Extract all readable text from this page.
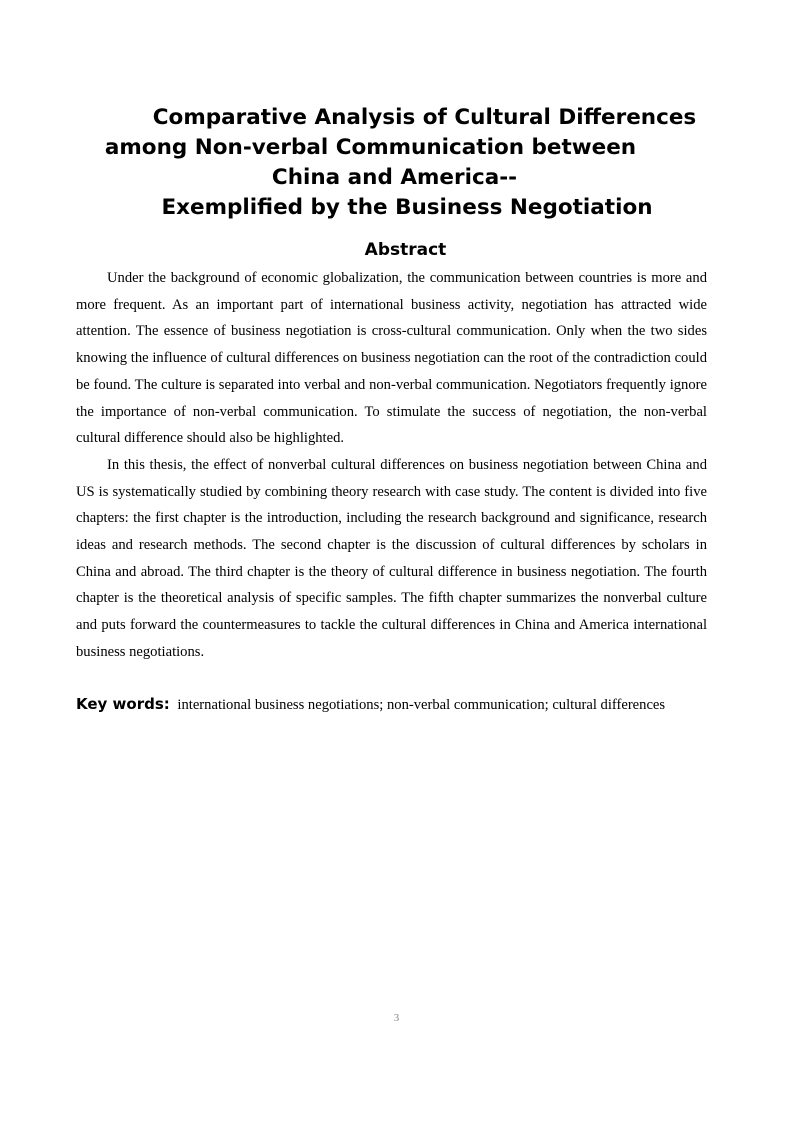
Comparative Analysis of Cultural Differences
among Non-verbal Communication between
China and America--
Exemplified by the Business Negotiation
Abstract

Under the background of economic globalization, the communication between countries is more and more frequent. As an important part of international business activity, negotiation has attracted wide attention. The essence of business negotiation is cross-cultural communication. Only when the two sides knowing the influence of cultural differences on business negotiation can the root of the contradiction could be found. The culture is separated into verbal and non-verbal communication. Negotiators frequently ignore the importance of non-verbal communication. To stimulate the success of negotiation, the non-verbal cultural difference should also be highlighted.

In this thesis, the effect of nonverbal cultural differences on business negotiation between China and US is systematically studied by combining theory research with case study. The content is divided into five chapters: the first chapter is the introduction, including the research background and significance, research ideas and research methods. The second chapter is the discussion of cultural differences by scholars in China and abroad. The third chapter is the theory of cultural difference in business negotiation. The fourth chapter is the theoretical analysis of specific samples. The fifth chapter summarizes the nonverbal culture and puts forward the countermeasures to tackle the cultural differences in China and America international business negotiations.

Key words: international business negotiations; non-verbal communication; cultural differences
3
